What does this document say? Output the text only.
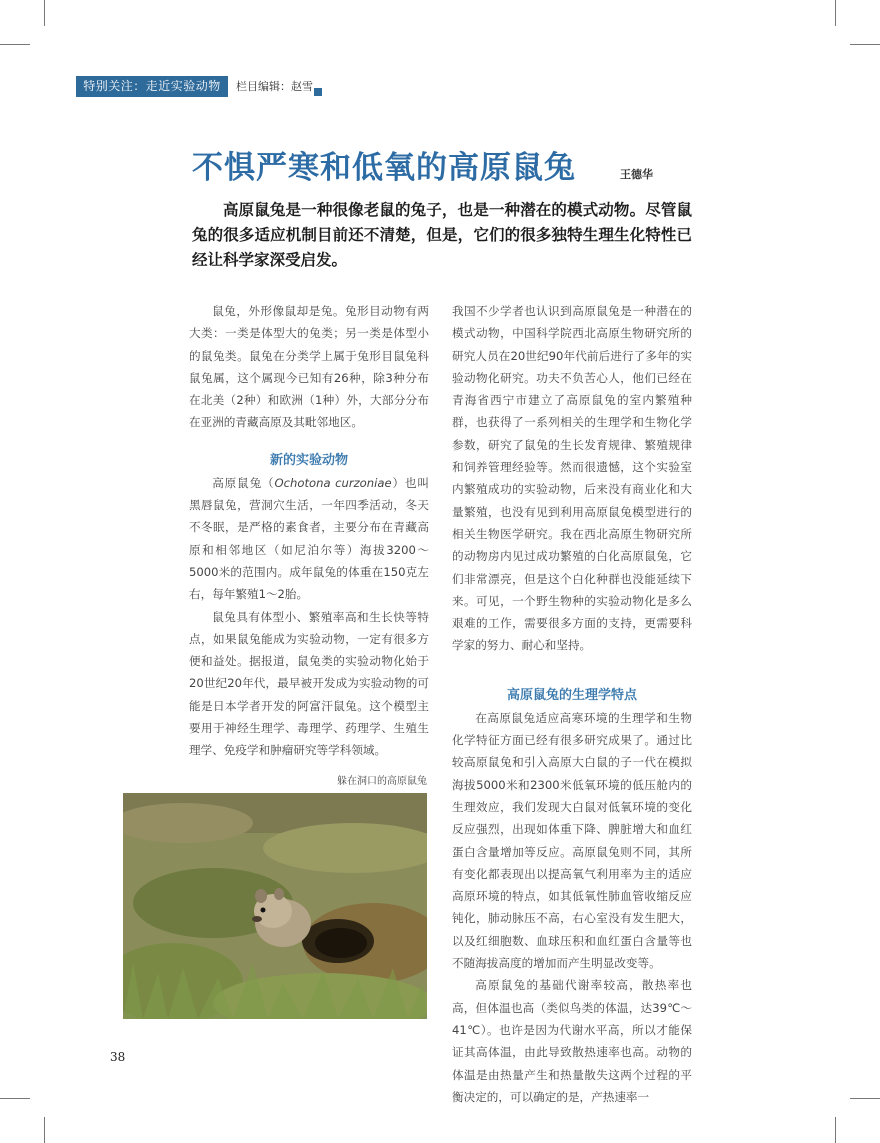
特别关注：走近实验动物	栏目编辑：赵雪
不惧严寒和低氧的高原鼠兔	王德华

高原鼠兔是一种很像老鼠的兔子，也是一种潜在的模式动物。尽管鼠兔的很多适应机制目前还不清楚，但是，它们的很多独特生理生化特性已经让科学家深受启发。

鼠兔，外形像鼠却是兔。兔形目动物有两大类：一类是体型大的兔类；另一类是体型小的鼠兔类。鼠兔在分类学上属于兔形目鼠兔科鼠兔属，这个属现今已知有26种，除3种分布在北美（2种）和欧洲（1种）外，大部分分布在亚洲的青藏高原及其毗邻地区。

新的实验动物

高原鼠兔（Ochotona curzoniae）也叫黑唇鼠兔，营洞穴生活，一年四季活动，冬天不冬眠，是严格的素食者，主要分布在青藏高原和相邻地区（如尼泊尔等）海拔3200～5000米的范围内。成年鼠兔的体重在150克左右，每年繁殖1～2胎。

鼠兔具有体型小、繁殖率高和生长快等特点，如果鼠兔能成为实验动物，一定有很多方便和益处。据报道，鼠兔类的实验动物化始于20世纪20年代，最早被开发成为实验动物的可能是日本学者开发的阿富汗鼠兔。这个模型主要用于神经生理学、毒理学、药理学、生殖生理学、免疫学和肿瘤研究等学科领域。

我国不少学者也认识到高原鼠兔是一种潜在的模式动物，中国科学院西北高原生物研究所的研究人员在20世纪90年代前后进行了多年的实验动物化研究。功夫不负苦心人，他们已经在青海省西宁市建立了高原鼠兔的室内繁殖种群，也获得了一系列相关的生理学和生物化学参数，研究了鼠兔的生长发育规律、繁殖规律和饲养管理经验等。然而很遗憾，这个实验室内繁殖成功的实验动物，后来没有商业化和大量繁殖，也没有见到利用高原鼠兔模型进行的相关生物医学研究。我在西北高原生物研究所的动物房内见过成功繁殖的白化高原鼠兔，它们非常漂亮，但是这个白化种群也没能延续下来。可见，一个野生物种的实验动物化是多么艰难的工作，需要很多方面的支持，更需要科学家的努力、耐心和坚持。

高原鼠兔的生理学特点

在高原鼠兔适应高寒环境的生理学和生物化学特征方面已经有很多研究成果了。通过比较高原鼠兔和引入高原大白鼠的子一代在模拟海拔5000米和2300米低氧环境的低压舱内的生理效应，我们发现大白鼠对低氧环境的变化反应强烈，出现如体重下降、脾脏增大和血红蛋白含量增加等反应。高原鼠兔则不同，其所有变化都表现出以提高氧气利用率为主的适应高原环境的特点，如其低氧性肺血管收缩反应钝化，肺动脉压不高，右心室没有发生肥大，以及红细胞数、血球压积和血红蛋白含量等也不随海拔高度的增加而产生明显改变等。

高原鼠兔的基础代谢率较高，散热率也高，但体温也高（类似鸟类的体温，达39℃～41℃）。也许是因为代谢水平高，所以才能保证其高体温，由此导致散热速率也高。动物的体温是由热量产生和热量散失这两个过程的平衡决定的，可以确定的是，产热速率一

躲在洞口的高原鼠兔
38
